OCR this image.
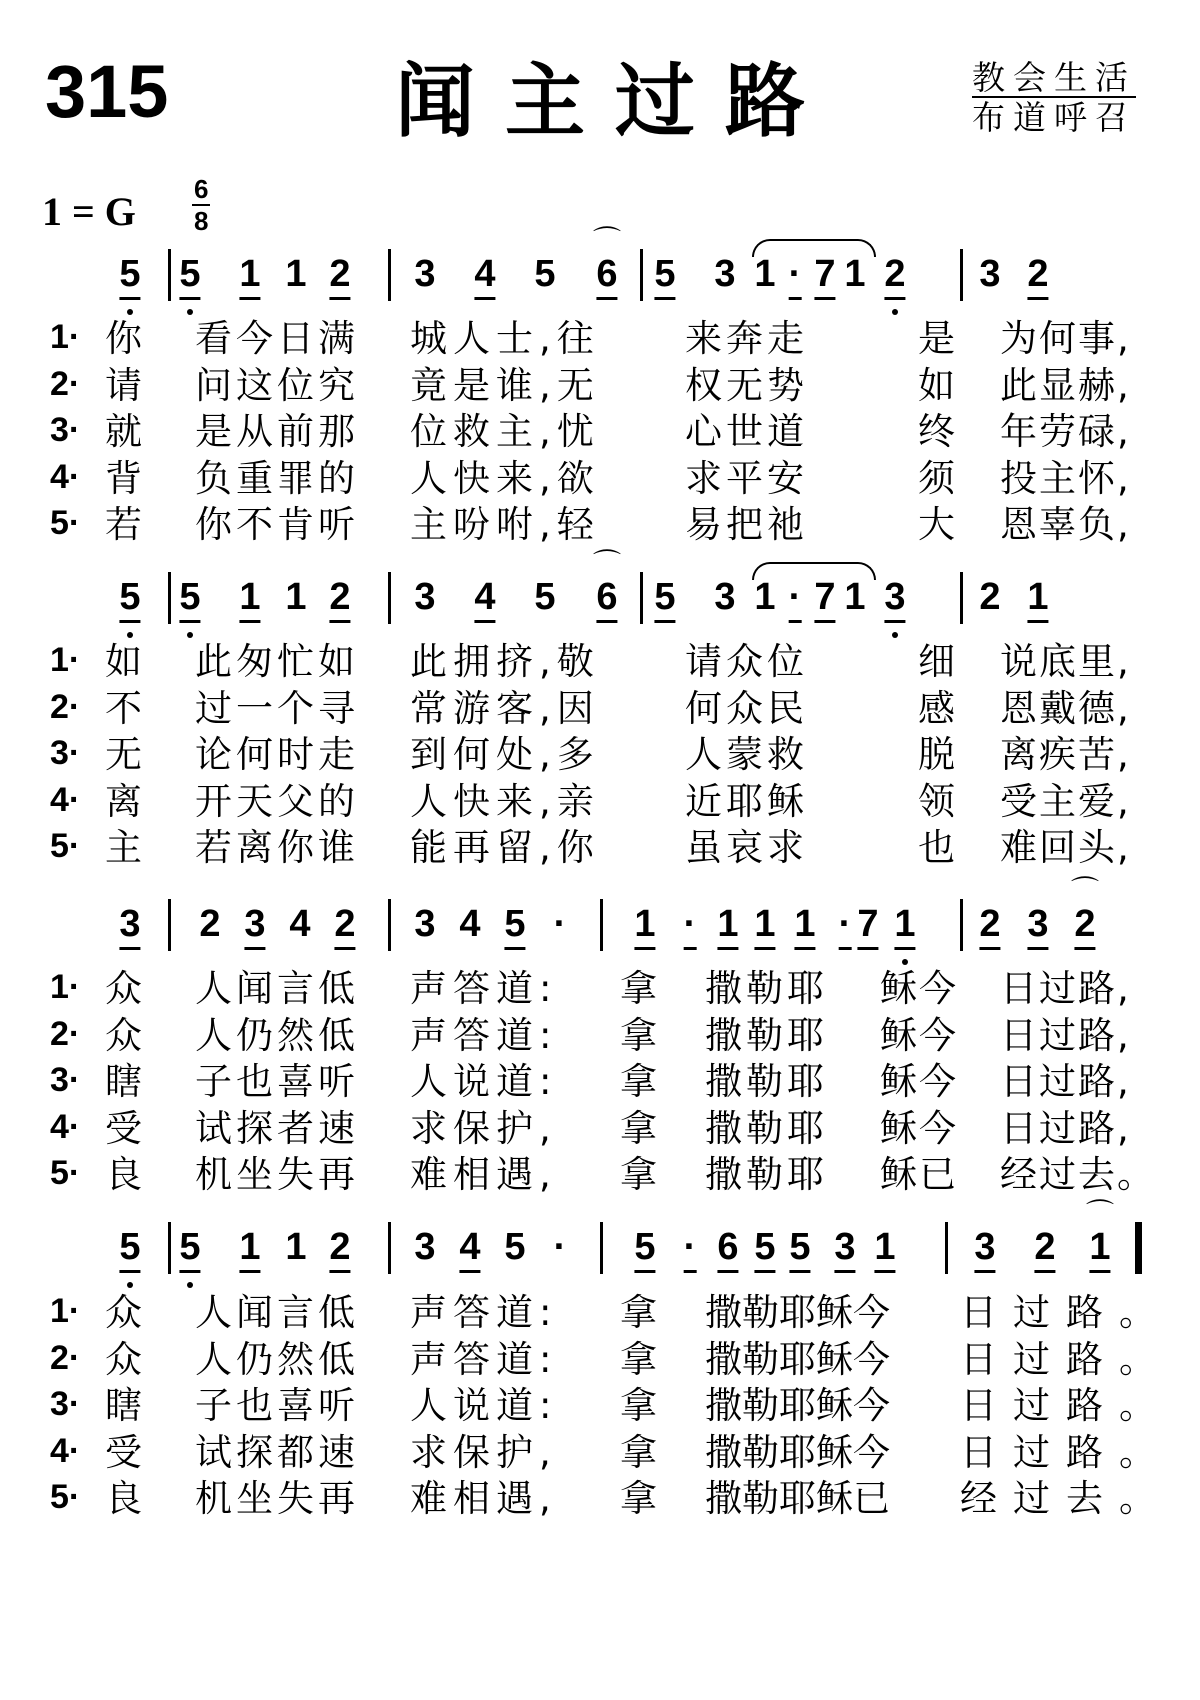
315	闻主过路	教会生活
布道呼召
1 = G 6
8
5 5 1 1 2 3 4 5 6
⌒
5 3 1 · 7 1 2 3 2
1· 你 看今日满 城人士,往 来奔走	是 为何事,
2· 请 问这位究 竟是谁,无 权无势	如 此显赫,
3· 就 是从前那 位救主,忧 心世道	终 年劳碌,
4· 背 负重罪的 人快来,欲 求平安	须 投主怀,
5· 若 你不肯听 主吩咐,轻 易把祂	大 恩辜负,
5 5 1 1 2 3 4 5 6
⌒
5 3 1 · 7 1 3 2 1
1· 如 此匆忙如 此拥挤,敬 请众位	细 说底里,
2· 不 过一个寻 常游客,因 何众民	感 恩戴德,
3· 无 论何时走 到何处,多 人蒙救	脱 离疾苦,
4· 离 开天父的 人快来,亲 近耶稣	领 受主爱,
5· 主 若离你谁 能再留,你 虽哀求	也 难回头,
3 2 3 4 2 3 4 5 · 1 · 1 1 1 · 7 1 2 3 2
⌒
1· 众 人闻言低 声答道: 拿 撒勒耶 稣今 日过路,
2· 众 人仍然低 声答道: 拿 撒勒耶 稣今 日过路,
3· 瞎 子也喜听 人说道: 拿 撒勒耶 稣今 日过路,
4· 受 试探者速 求保护, 拿 撒勒耶 稣今 日过路,
5· 良 机坐失再 难相遇, 拿 撒勒耶 稣已 经过去。
5 5 1 1 2 3 4 5 · 5 · 6 5 5 3 1 3 2 1
⌒
1· 众 人闻言低 声答道: 拿 撒勒耶稣今 日过路。
2· 众 人仍然低 声答道: 拿 撒勒耶稣今 日过路。
3· 瞎 子也喜听 人说道: 拿 撒勒耶稣今 日过路。
4· 受 试探都速 求保护, 拿 撒勒耶稣今 日过路。
5· 良 机坐失再 难相遇, 拿 撒勒耶稣已 经过去。
